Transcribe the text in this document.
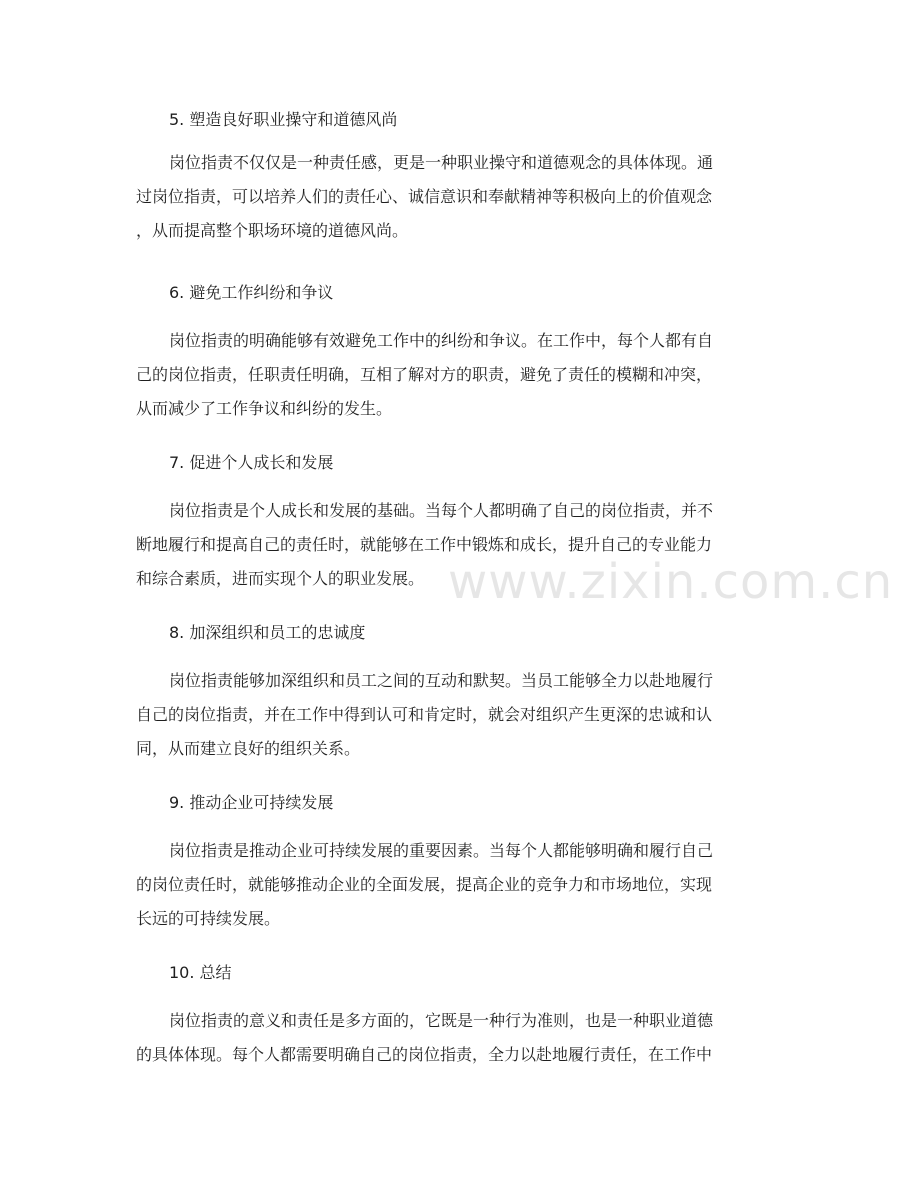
5. 塑造良好职业操守和道德风尚
岗位指责不仅仅是一种责任感，更是一种职业操守和道德观念的具体体现。通
过岗位指责，可以培养人们的责任心、诚信意识和奉献精神等积极向上的价值观念
，从而提高整个职场环境的道德风尚。
6. 避免工作纠纷和争议
岗位指责的明确能够有效避免工作中的纠纷和争议。在工作中，每个人都有自
己的岗位指责，任职责任明确，互相了解对方的职责，避免了责任的模糊和冲突，
从而减少了工作争议和纠纷的发生。
7. 促进个人成长和发展
岗位指责是个人成长和发展的基础。当每个人都明确了自己的岗位指责，并不
断地履行和提高自己的责任时，就能够在工作中锻炼和成长，提升自己的专业能力
和综合素质，进而实现个人的职业发展。
8. 加深组织和员工的忠诚度
岗位指责能够加深组织和员工之间的互动和默契。当员工能够全力以赴地履行
自己的岗位指责，并在工作中得到认可和肯定时，就会对组织产生更深的忠诚和认
同，从而建立良好的组织关系。
9. 推动企业可持续发展
岗位指责是推动企业可持续发展的重要因素。当每个人都能够明确和履行自己
的岗位责任时，就能够推动企业的全面发展，提高企业的竞争力和市场地位，实现
长远的可持续发展。
10. 总结
岗位指责的意义和责任是多方面的，它既是一种行为准则，也是一种职业道德
的具体体现。每个人都需要明确自己的岗位指责，全力以赴地履行责任，在工作中
www.zixin.com.cn
